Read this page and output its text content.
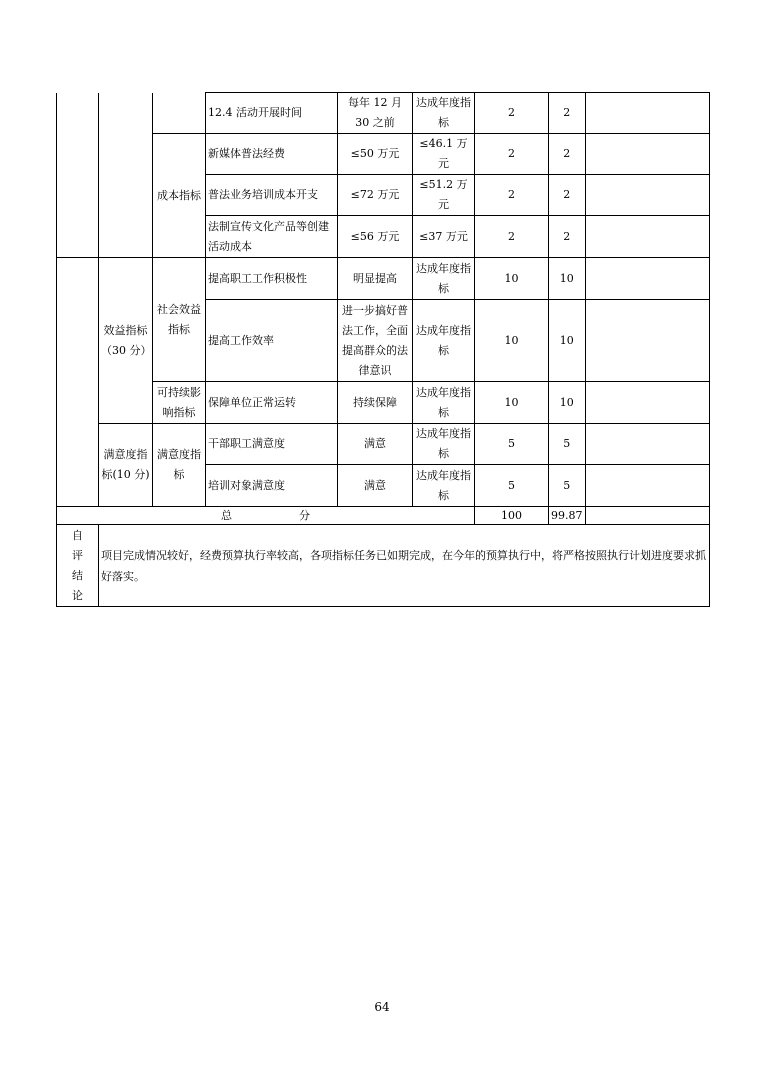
			12.4 活动开展时间	每年 12 月 30 之前	达成年度指标	2	2	
		成本指标	新媒体普法经费	≤50 万元	≤46.1 万元	2	2	
			普法业务培训成本开支	≤72 万元	≤51.2 万元	2	2	
			法制宣传文化产品等创建活动成本	≤56 万元	≤37 万元	2	2	
	效益指标（30 分）	社会效益指标	提高职工工作积极性	明显提高	达成年度指标	10	10	
			提高工作效率	进一步搞好普法工作，全面提高群众的法律意识	达成年度指标	10	10	
		可持续影响指标	保障单位正常运转	持续保障	达成年度指标	10	10	

	满意度指标(10 分)	满意度指标	干部职工满意度	满意	达成年度指标	5	5	
			培训对象满意度	满意	达成年度指标	5	5	
总 分						100	99.87	

自
评
结
论	项目完成情况较好，经费预算执行率较高，各项指标任务已如期完成，在今年的预算执行中，将严格按照执行计划进度要求抓好落实。							
64
